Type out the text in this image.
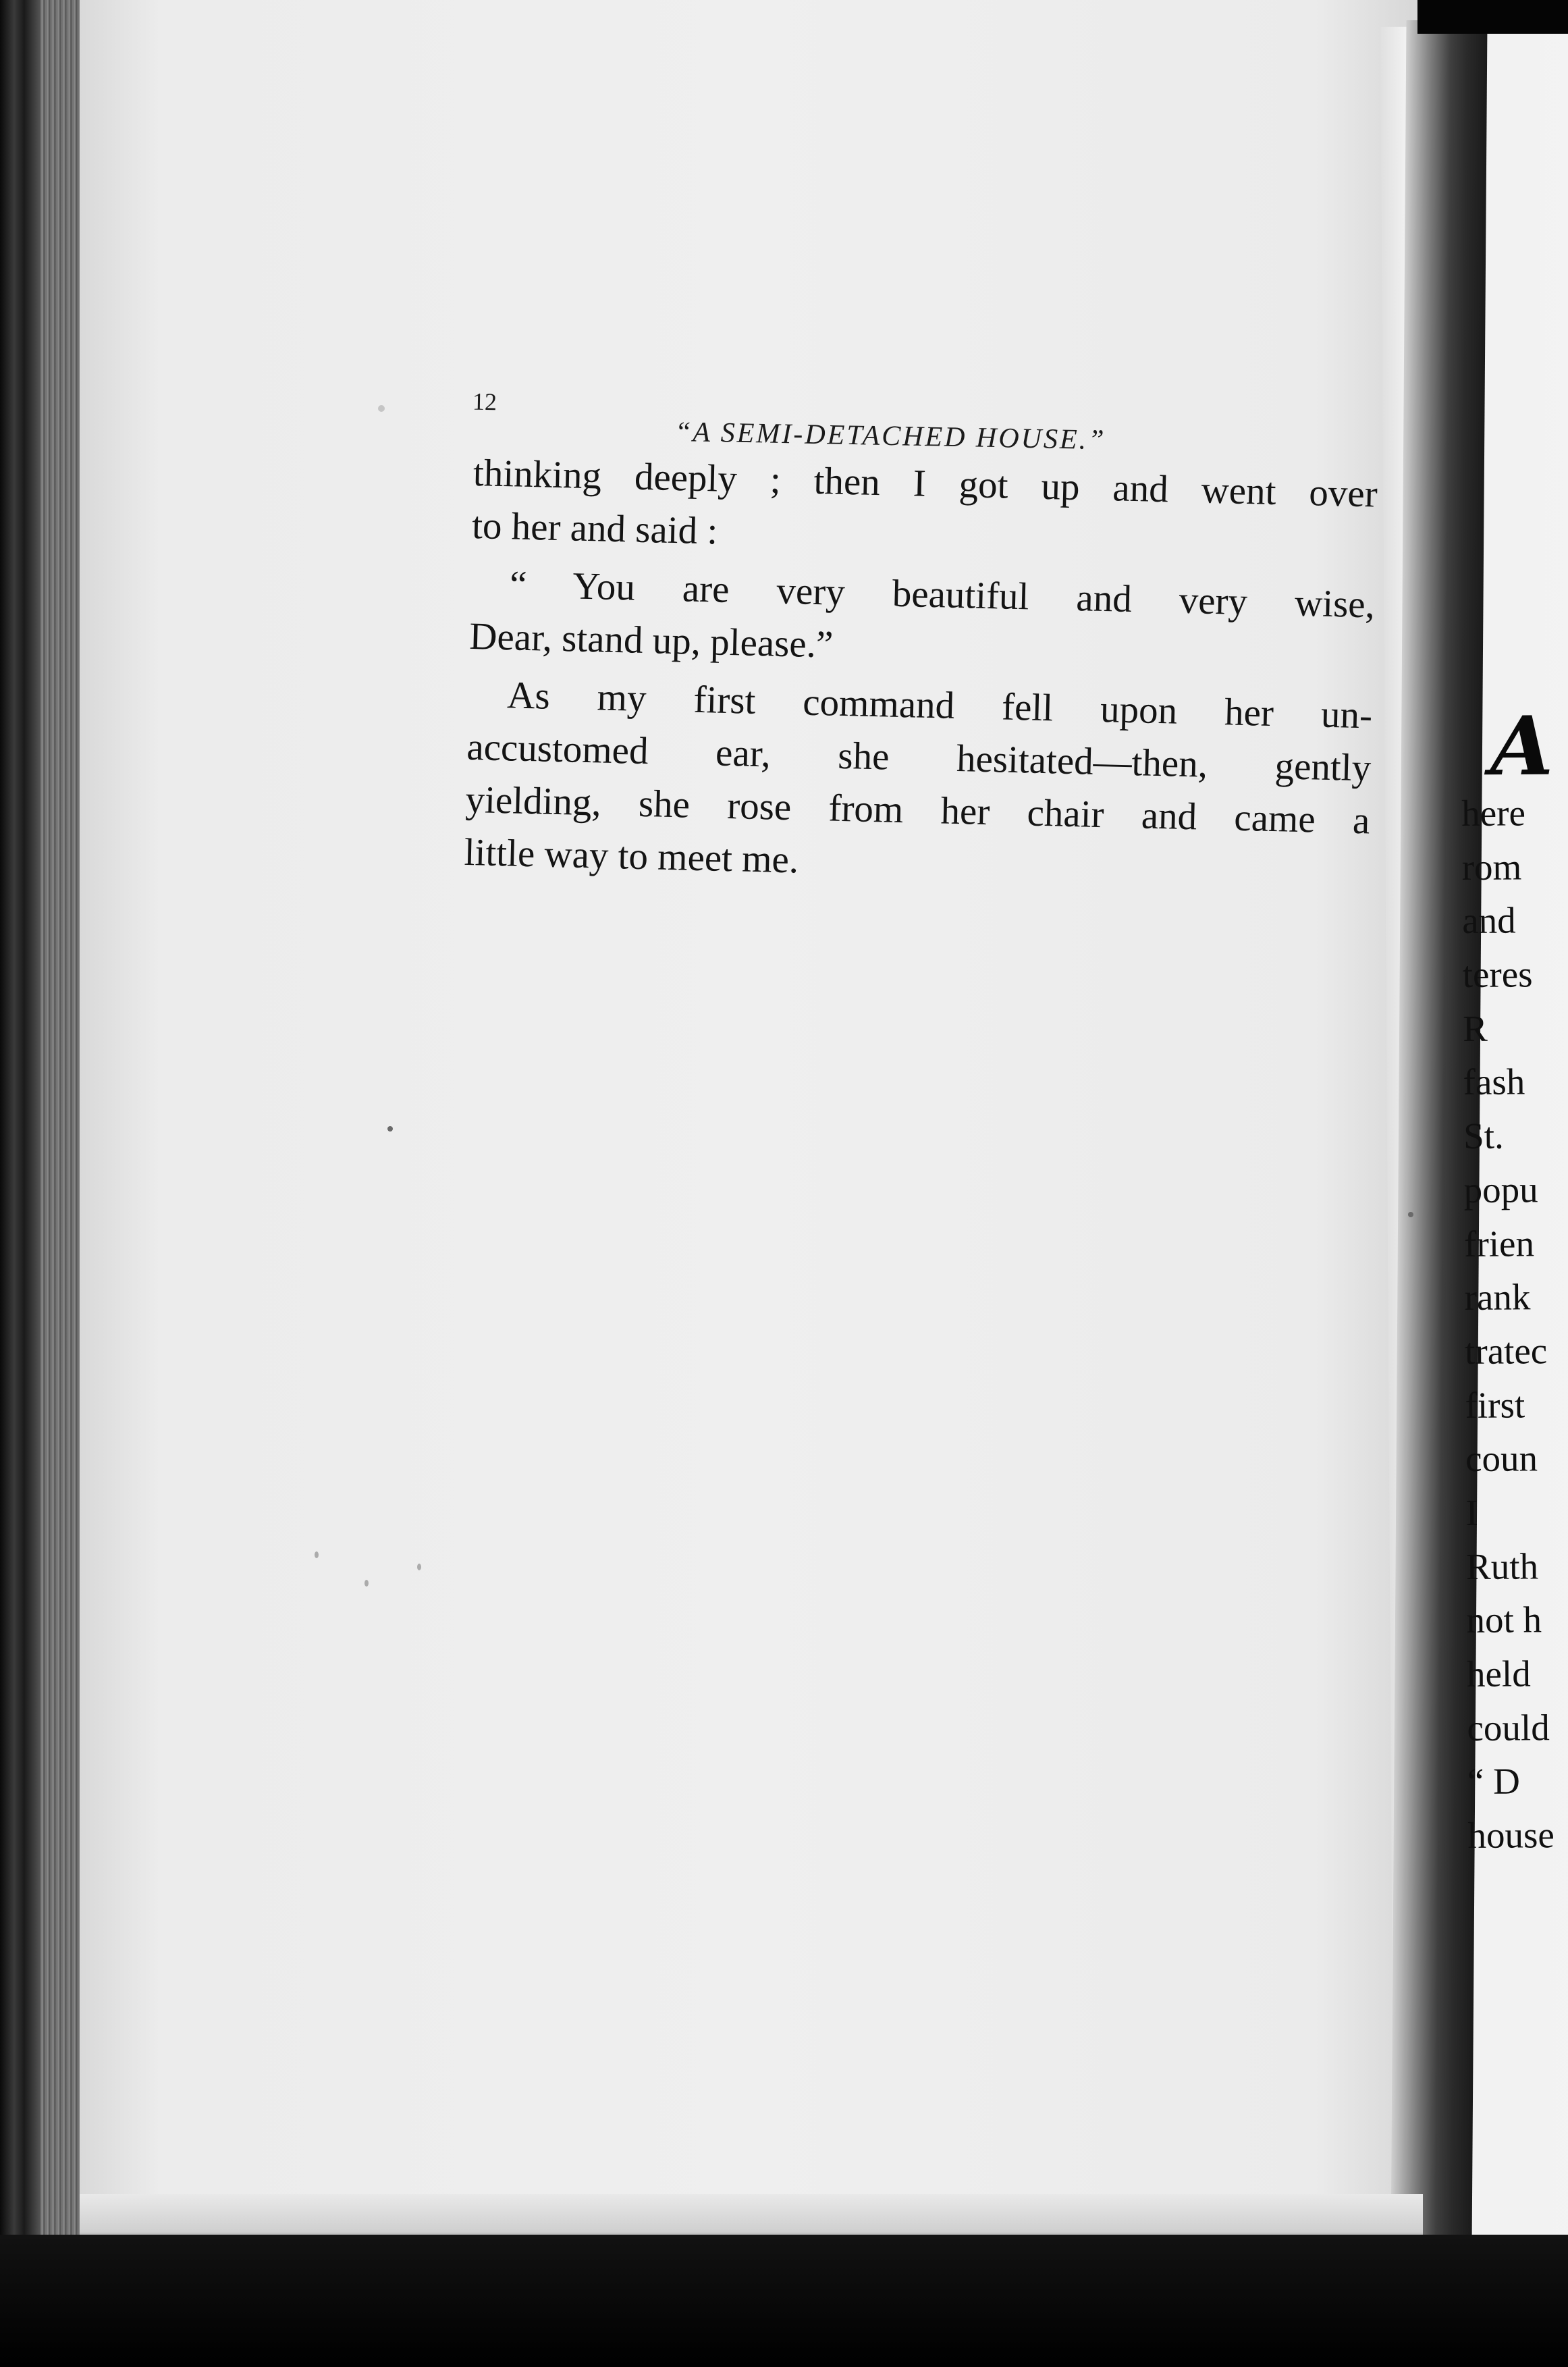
12
“A SEMI-DETACHED HOUSE.”
thinking deeply ; then I got up and went over
to her and said :
“ You are very beautiful and very wise,
Dear, stand up, please.”
As my first command fell upon her un-
accustomed ear, she hesitated—then, gently
yielding, she rose from her chair and came a
little way to meet me.
A
here
rom
and
teres
R
fash
St.
popu
frien
rank
tratec
first
coun
I
Ruth
not h
held
could
“ D
house
